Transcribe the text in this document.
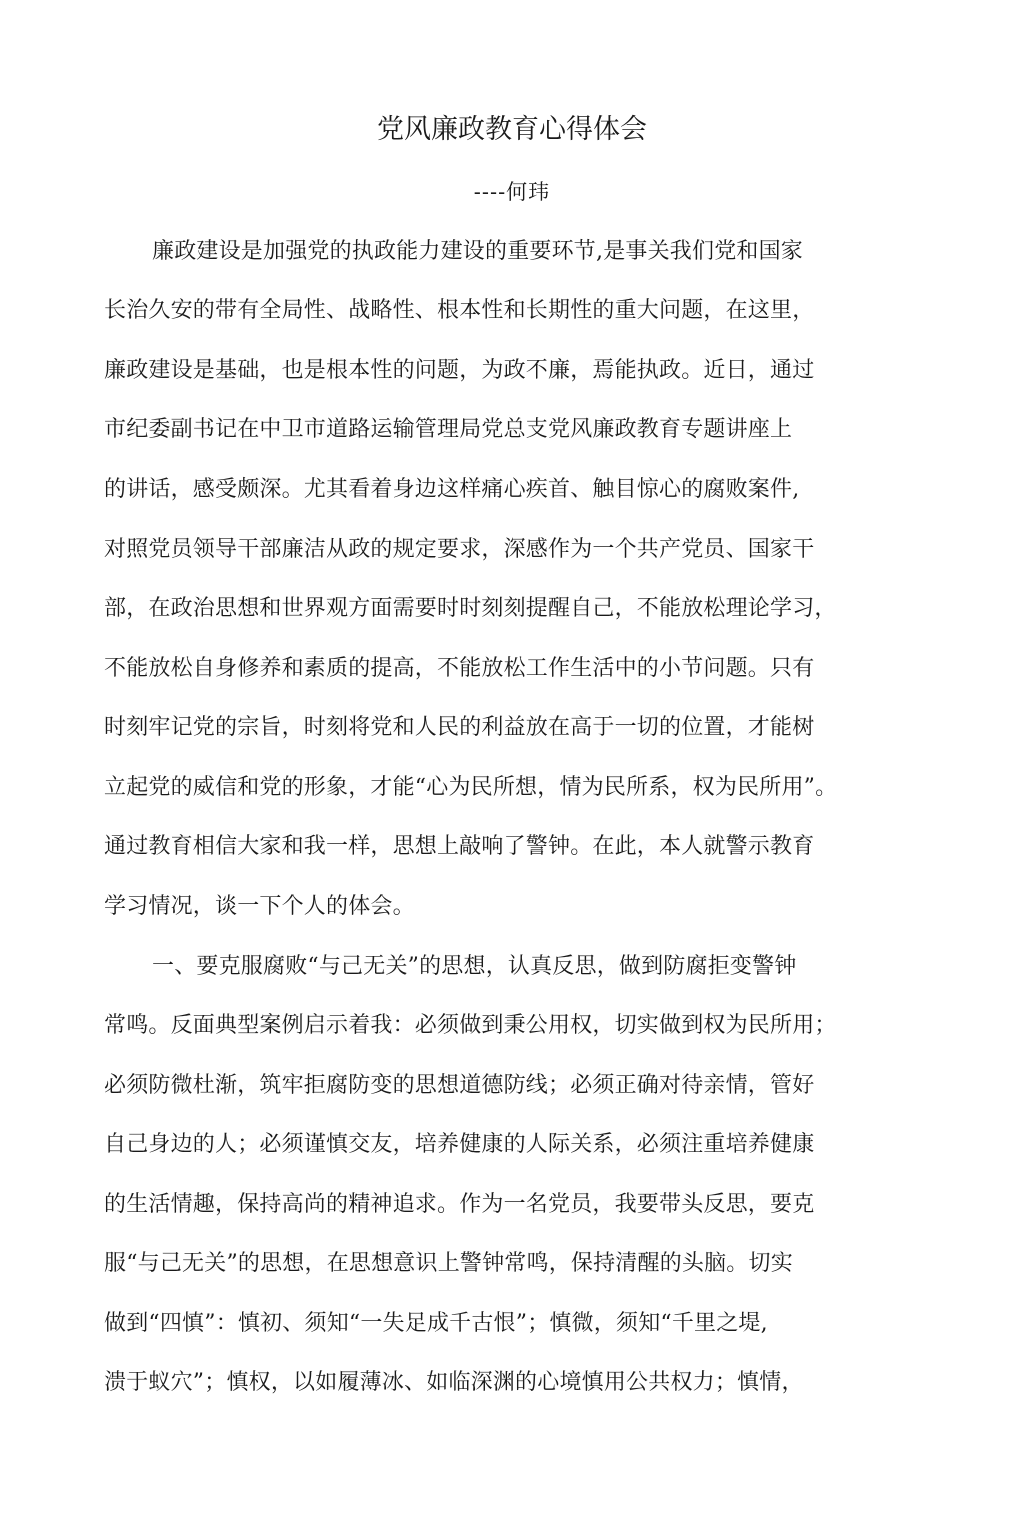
党风廉政教育心得体会
----何玮
廉政建设是加强党的执政能力建设的重要环节,是事关我们党和国家
长治久安的带有全局性、战略性、根本性和长期性的重大问题，在这里，
廉政建设是基础，也是根本性的问题，为政不廉，焉能执政。近日，通过
市纪委副书记在中卫市道路运输管理局党总支党风廉政教育专题讲座上
的讲话，感受颇深。尤其看着身边这样痛心疾首、触目惊心的腐败案件,
对照党员领导干部廉洁从政的规定要求，深感作为一个共产党员、国家干
部，在政治思想和世界观方面需要时时刻刻提醒自己，不能放松理论学习，
不能放松自身修养和素质的提高，不能放松工作生活中的小节问题。只有
时刻牢记党的宗旨，时刻将党和人民的利益放在高于一切的位置，才能树
立起党的威信和党的形象，才能“心为民所想，情为民所系，权为民所用”。
通过教育相信大家和我一样，思想上敲响了警钟。在此，本人就警示教育
学习情况，谈一下个人的体会。
一、要克服腐败“与己无关”的思想，认真反思，做到防腐拒变警钟
常鸣。反面典型案例启示着我：必须做到秉公用权，切实做到权为民所用；
必须防微杜渐，筑牢拒腐防变的思想道德防线；必须正确对待亲情，管好
自己身边的人；必须谨慎交友，培养健康的人际关系，必须注重培养健康
的生活情趣，保持高尚的精神追求。作为一名党员，我要带头反思，要克
服“与己无关”的思想，在思想意识上警钟常鸣，保持清醒的头脑。切实
做到“四慎”：慎初、须知“一失足成千古恨”；慎微，须知“千里之堤,
溃于蚁穴”；慎权，以如履薄冰、如临深渊的心境慎用公共权力；慎情，
